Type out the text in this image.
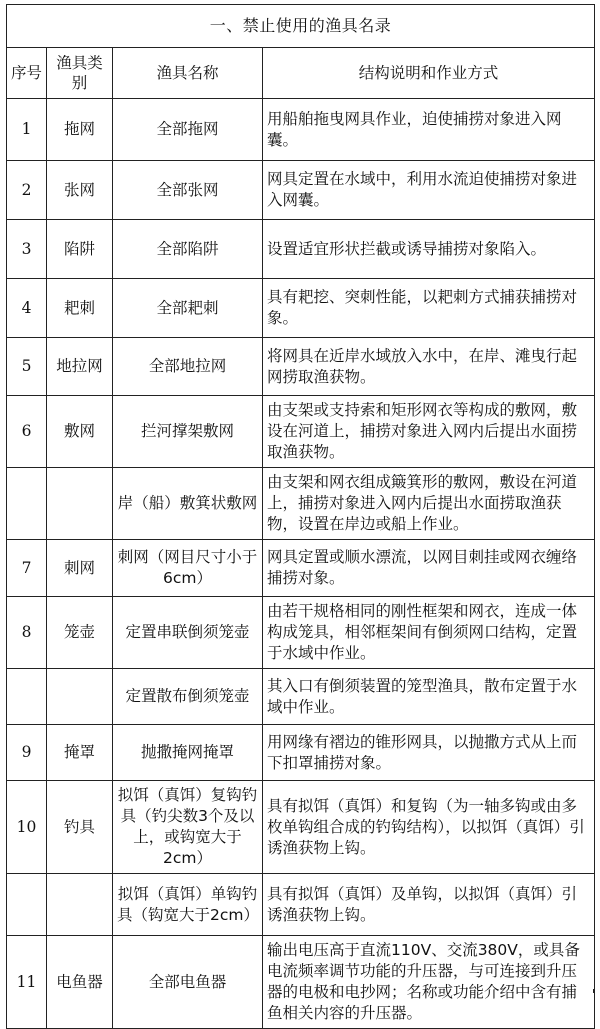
一、禁止使用的渔具名录			
序号	渔具类别	渔具名称	结构说明和作业方式
1	拖网	全部拖网	用船舶拖曳网具作业，迫使捕捞对象进入网囊。
2	张网	全部张网	网具定置在水域中，利用水流迫使捕捞对象进入网囊。
3	陷阱	全部陷阱	设置适宜形状拦截或诱导捕捞对象陷入。
4	耙刺	全部耙刺	具有耙挖、突刺性能，以耙刺方式捕获捕捞对象。
5	地拉网	全部地拉网	将网具在近岸水域放入水中，在岸、滩曳行起网捞取渔获物。
6	敷网	拦河撑架敷网	由支架或支持索和矩形网衣等构成的敷网，敷设在河道上，捕捞对象进入网内后提出水面捞取渔获物。
		岸（船）敷箕状敷网	由支架和网衣组成簸箕形的敷网，敷设在河道上，捕捞对象进入网内后提出水面捞取渔获物，设置在岸边或船上作业。
7	刺网	刺网（网目尺寸小于6cm）	网具定置或顺水漂流，以网目刺挂或网衣缠络捕捞对象。
8	笼壶	定置串联倒须笼壶	由若干规格相同的刚性框架和网衣，连成一体构成笼具，相邻框架间有倒须网口结构，定置于水域中作业。
		定置散布倒须笼壶	其入口有倒须装置的笼型渔具，散布定置于水域中作业。
9	掩罩	抛撒掩网掩罩	用网缘有褶边的锥形网具，以抛撒方式从上而下扣罩捕捞对象。
10	钓具	拟饵（真饵）复钩钓具（钓尖数3个及以上，或钩宽大于2cm）	具有拟饵（真饵）和复钩（为一轴多钩或由多枚单钩组合成的钓钩结构），以拟饵（真饵）引诱渔获物上钩。
		拟饵（真饵）单钩钓具（钩宽大于2cm）	具有拟饵（真饵）及单钩，以拟饵（真饵）引诱渔获物上钩。
11	电鱼器	全部电鱼器	输出电压高于直流110V、交流380V，或具备电流频率调节功能的升压器，与可连接到升压器的电极和电抄网；名称或功能介绍中含有捕鱼相关内容的升压器。
